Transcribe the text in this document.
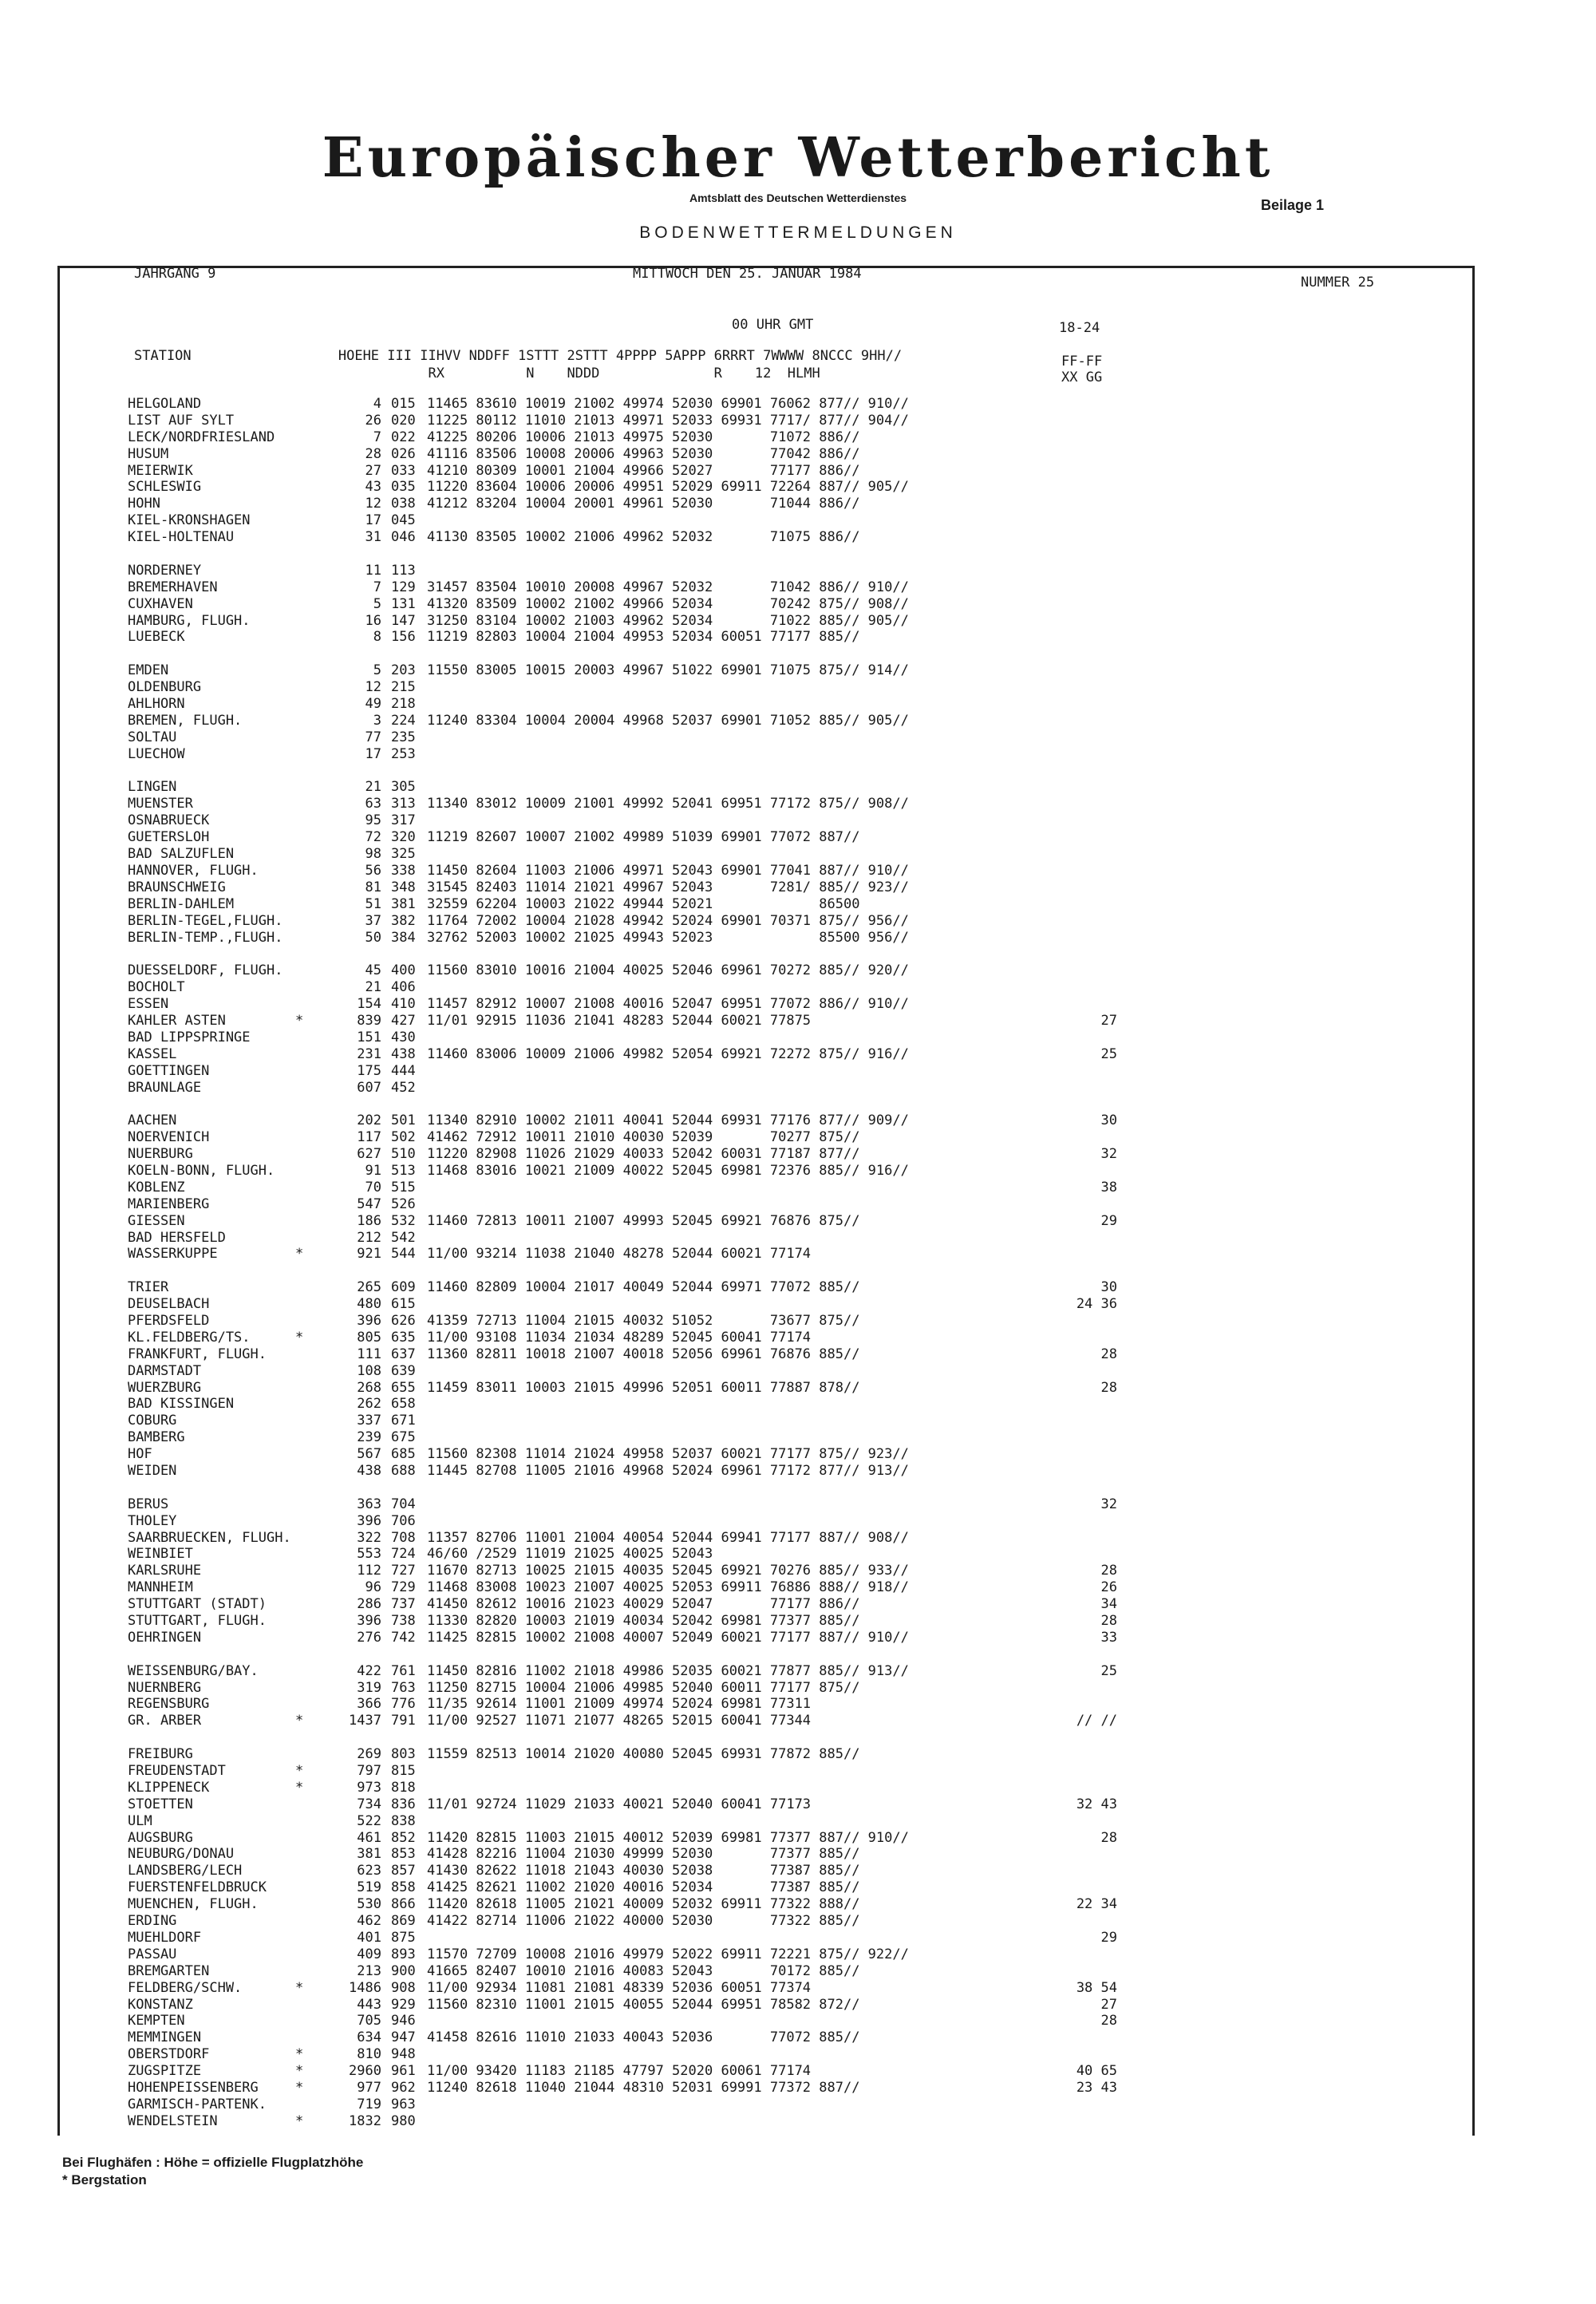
Europäischer Wetterbericht
Amtsblatt des Deutschen Wetterdienstes	Beilage 1
BODENWETTERMELDUNGEN
JAHRGANG 9	MITTWOCH DEN 25. JANUAR 1984
NUMMER 25
00 UHR GMT	18-24
STATION                  HOEHE III IIHVV NDDFF 1STTT 2STTT 4PPPP 5APPP 6RRRT 7WWWW 8NCCC 9HH//
RX          N    NDDD              R    12  HLMH
FF-FF
XX GG
HELGOLAND	4 015 11465 83610 10019 21002 49974 52030 69901 76062 877// 910//
LIST AUF SYLT	26 020 11225 80112 11010 21013 49971 52033 69931 7717/ 877// 904//
LECK/NORDFRIESLAND	7 022 41225 80206 10006 21013 49975 52030       71072 886//
HUSUM	28 026 41116 83506 10008 20006 49963 52030       77042 886//
MEIERWIK	27 033 41210 80309 10001 21004 49966 52027       77177 886//
SCHLESWIG	43 035 11220 83604 10006 20006 49951 52029 69911 72264 887// 905//
HOHN	12 038 41212 83204 10004 20001 49961 52030       71044 886//
KIEL-KRONSHAGEN	17 045
KIEL-HOLTENAU	31 046 41130 83505 10002 21006 49962 52032       71075 886//
NORDERNEY	11 113
BREMERHAVEN	7 129 31457 83504 10010 20008 49967 52032       71042 886// 910//
CUXHAVEN	5 131 41320 83509 10002 21002 49966 52034       70242 875// 908//
HAMBURG, FLUGH.	16 147 31250 83104 10002 21003 49962 52034       71022 885// 905//
LUEBECK	8 156 11219 82803 10004 21004 49953 52034 60051 77177 885//
EMDEN	5 203 11550 83005 10015 20003 49967 51022 69901 71075 875// 914//
OLDENBURG	12 215
AHLHORN	49 218
BREMEN, FLUGH.	3 224 11240 83304 10004 20004 49968 52037 69901 71052 885// 905//
SOLTAU	77 235
LUECHOW	17 253
LINGEN	21 305
MUENSTER	63 313 11340 83012 10009 21001 49992 52041 69951 77172 875// 908//
OSNABRUECK	95 317
GUETERSLOH	72 320 11219 82607 10007 21002 49989 51039 69901 77072 887//
BAD SALZUFLEN	98 325
HANNOVER, FLUGH.	56 338 11450 82604 11003 21006 49971 52043 69901 77041 887// 910//
BRAUNSCHWEIG	81 348 31545 82403 11014 21021 49967 52043       7281/ 885// 923//
BERLIN-DAHLEM	51 381 32559 62204 10003 21022 49944 52021             86500
BERLIN-TEGEL,FLUGH.	37 382 11764 72002 10004 21028 49942 52024 69901 70371 875// 956//
BERLIN-TEMP.,FLUGH.	50 384 32762 52003 10002 21025 49943 52023             85500 956//
DUESSELDORF, FLUGH.	45 400 11560 83010 10016 21004 40025 52046 69961 70272 885// 920//
BOCHOLT	21 406
ESSEN	154 410 11457 82912 10007 21008 40016 52047 69951 77072 886// 910//
KAHLER ASTEN	*	839 427 11/01 92915 11036 21041 48283 52044 60021 77875	27
BAD LIPPSPRINGE	151 430
KASSEL	231 438 11460 83006 10009 21006 49982 52054 69921 72272 875// 916//	25
GOETTINGEN	175 444
BRAUNLAGE	607 452
AACHEN	202 501 11340 82910 10002 21011 40041 52044 69931 77176 877// 909//	30
NOERVENICH	117 502 41462 72912 10011 21010 40030 52039       70277 875//
NUERBURG	627 510 11220 82908 11026 21029 40033 52042 60031 77187 877//	32
KOELN-BONN, FLUGH.	91 513 11468 83016 10021 21009 40022 52045 69981 72376 885// 916//
KOBLENZ	70 515	38
MARIENBERG	547 526
GIESSEN	186 532 11460 72813 10011 21007 49993 52045 69921 76876 875//	29
BAD HERSFELD	212 542
WASSERKUPPE	*	921 544 11/00 93214 11038 21040 48278 52044 60021 77174
TRIER	265 609 11460 82809 10004 21017 40049 52044 69971 77072 885//	30
DEUSELBACH	480 615	24 36
PFERDSFELD	396 626 41359 72713 11004 21015 40032 51052       73677 875//
KL.FELDBERG/TS.	*	805 635 11/00 93108 11034 21034 48289 52045 60041 77174
FRANKFURT, FLUGH.	111 637 11360 82811 10018 21007 40018 52056 69961 76876 885//	28
DARMSTADT	108 639
WUERZBURG	268 655 11459 83011 10003 21015 49996 52051 60011 77887 878//	28
BAD KISSINGEN	262 658
COBURG	337 671
BAMBERG	239 675
HOF	567 685 11560 82308 11014 21024 49958 52037 60021 77177 875// 923//
WEIDEN	438 688 11445 82708 11005 21016 49968 52024 69961 77172 877// 913//
BERUS	363 704	32
THOLEY	396 706
SAARBRUECKEN, FLUGH.	322 708 11357 82706 11001 21004 40054 52044 69941 77177 887// 908//
WEINBIET	553 724 46/60 /2529 11019 21025 40025 52043
KARLSRUHE	112 727 11670 82713 10025 21015 40035 52045 69921 70276 885// 933//	28
MANNHEIM	96 729 11468 83008 10023 21007 40025 52053 69911 76886 888// 918//	26
STUTTGART (STADT)	286 737 41450 82612 10016 21023 40029 52047       77177 886//	34
STUTTGART, FLUGH.	396 738 11330 82820 10003 21019 40034 52042 69981 77377 885//	28
OEHRINGEN	276 742 11425 82815 10002 21008 40007 52049 60021 77177 887// 910//	33
WEISSENBURG/BAY.	422 761 11450 82816 11002 21018 49986 52035 60021 77877 885// 913//	25
NUERNBERG	319 763 11250 82715 10004 21006 49985 52040 60011 77177 875//
REGENSBURG	366 776 11/35 92614 11001 21009 49974 52024 69981 77311
GR. ARBER	*	1437 791 11/00 92527 11071 21077 48265 52015 60041 77344	// //
FREIBURG	269 803 11559 82513 10014 21020 40080 52045 69931 77872 885//
FREUDENSTADT	*	797 815
KLIPPENECK	*	973 818
STOETTEN	734 836 11/01 92724 11029 21033 40021 52040 60041 77173	32 43
ULM	522 838
AUGSBURG	461 852 11420 82815 11003 21015 40012 52039 69981 77377 887// 910//	28
NEUBURG/DONAU	381 853 41428 82216 11004 21030 49999 52030       77377 885//
LANDSBERG/LECH	623 857 41430 82622 11018 21043 40030 52038       77387 885//
FUERSTENFELDBRUCK	519 858 41425 82621 11002 21020 40016 52034       77387 885//
MUENCHEN, FLUGH.	530 866 11420 82618 11005 21021 40009 52032 69911 77322 888//	22 34
ERDING	462 869 41422 82714 11006 21022 40000 52030       77322 885//
MUEHLDORF	401 875	29
PASSAU	409 893 11570 72709 10008 21016 49979 52022 69911 72221 875// 922//
BREMGARTEN	213 900 41665 82407 10010 21016 40083 52043       70172 885//
FELDBERG/SCHW.	*	1486 908 11/00 92934 11081 21081 48339 52036 60051 77374	38 54
KONSTANZ	443 929 11560 82310 11001 21015 40055 52044 69951 78582 872//	27
KEMPTEN	705 946	28
MEMMINGEN	634 947 41458 82616 11010 21033 40043 52036       77072 885//
OBERSTDORF	*	810 948
ZUGSPITZE	*	2960 961 11/00 93420 11183 21185 47797 52020 60061 77174	40 65
HOHENPEISSENBERG	*	977 962 11240 82618 11040 21044 48310 52031 69991 77372 887//	23 43
GARMISCH-PARTENK.	719 963
WENDELSTEIN	*	1832 980
Bei Flughäfen : Höhe = offizielle Flugplatzhöhe
* Bergstation
